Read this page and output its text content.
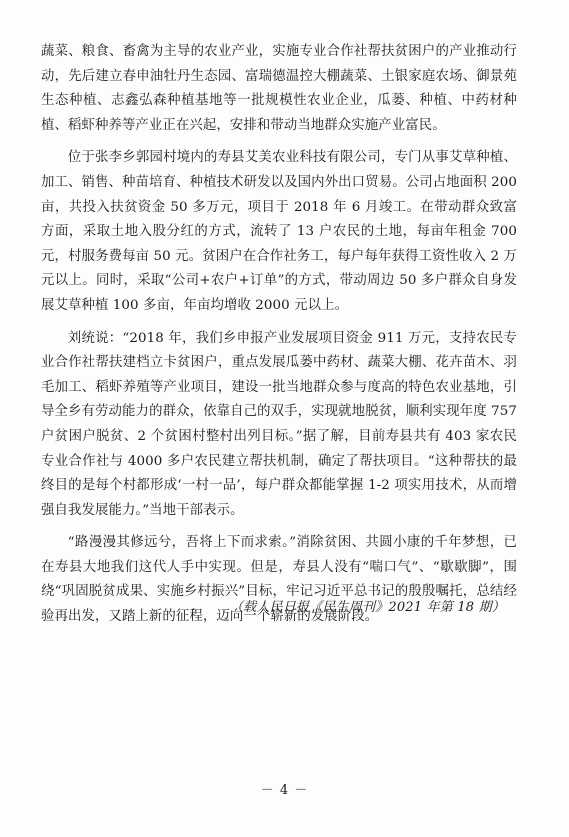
蔬菜、粮食、畜禽为主导的农业产业，实施专业合作社帮扶贫困户的产业推动行动，先后建立春申油牡丹生态园、富瑞德温控大棚蔬菜、土银家庭农场、御景苑生态种植、志鑫弘森种植基地等一批规模性农业企业，瓜蒌、种植、中药材种植、稻虾种养等产业正在兴起，安排和带动当地群众实施产业富民。

位于张李乡郭园村境内的寿县艾美农业科技有限公司，专门从事艾草种植、加工、销售、种苗培育、种植技术研发以及国内外出口贸易。公司占地面积 200 亩，共投入扶贫资金 50 多万元，项目于 2018 年 6 月竣工。在带动群众致富方面，采取土地入股分红的方式，流转了 13 户农民的土地，每亩年租金 700 元，村服务费每亩 50 元。贫困户在合作社务工，每户每年获得工资性收入 2 万元以上。同时，采取“公司+农户+订单”的方式，带动周边 50 多户群众自身发展艾草种植 100 多亩，年亩均增收 2000 元以上。

刘统说：“2018 年，我们乡申报产业发展项目资金 911 万元，支持农民专业合作社帮扶建档立卡贫困户，重点发展瓜蒌中药材、蔬菜大棚、花卉苗木、羽毛加工、稻虾养殖等产业项目，建设一批当地群众参与度高的特色农业基地，引导全乡有劳动能力的群众，依靠自己的双手，实现就地脱贫，顺利实现年度 757 户贫困户脱贫、2 个贫困村整村出列目标。”据了解，目前寿县共有 403 家农民专业合作社与 4000 多户农民建立帮扶机制，确定了帮扶项目。“这种帮扶的最终目的是每个村都形成‘一村一品’，每户群众都能掌握 1-2 项实用技术，从而增强自我发展能力。”当地干部表示。

“路漫漫其修远兮，吾将上下而求索。”消除贫困、共圆小康的千年梦想，已在寿县大地我们这代人手中实现。但是，寿县人没有“喘口气”、“歇歇脚”，围绕“巩固脱贫成果、实施乡村振兴”目标，牢记习近平总书记的殷殷嘱托，总结经验再出发，又踏上新的征程，迈向一个崭新的发展阶段。

（载人民日报《民生周刊》2021 年第 18 期）
－ 4 －
